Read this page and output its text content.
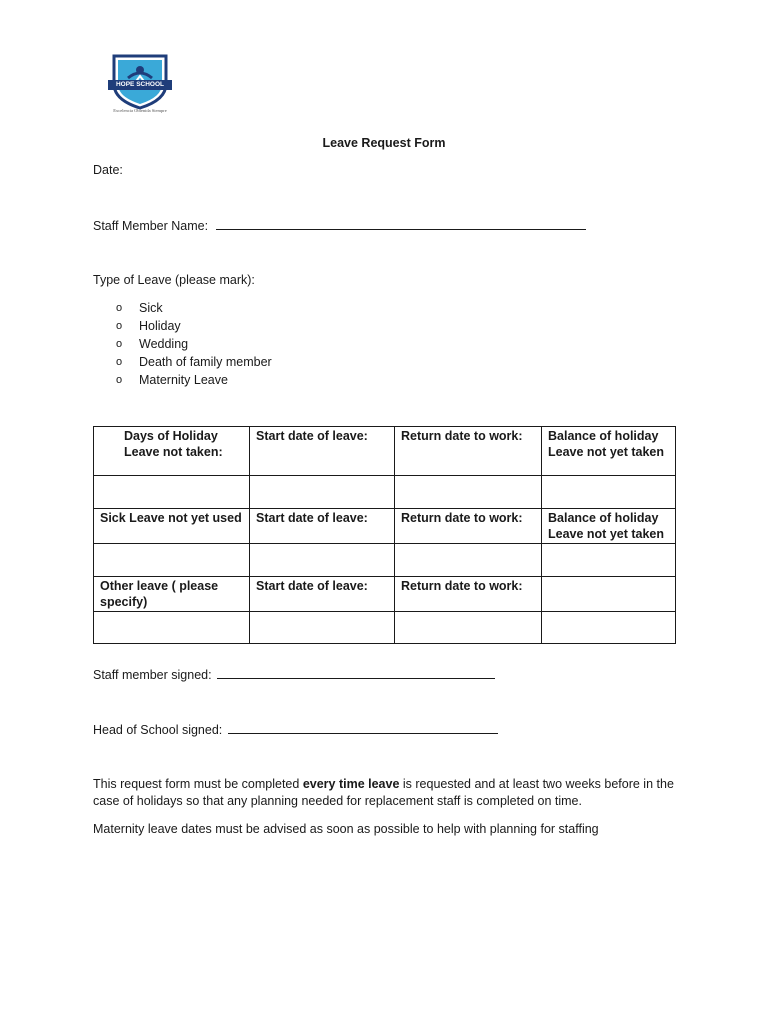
HOPE SCHOOL
Excelencia Obtenida Siempre
Leave Request Form
Date:
Staff Member Name:
Type of Leave (please mark):
o	Sick
o	Holiday
o	Wedding
o	Death of family member
o	Maternity Leave
Days of Holiday Leave not taken:	Start date of leave:	Return date to work:	Balance of holiday Leave not yet taken

Sick Leave not yet used	Start date of leave:	Return date to work:	Balance of holiday Leave not yet taken

Other leave ( please specify)	Start date of leave:	Return date to work:	

Staff member signed:
Head of School signed:
This request form must be completed every time leave is requested and at least two weeks before in the case of holidays so that any planning needed for replacement staff is completed on time.
Maternity leave dates must be advised as soon as possible to help with planning for staffing
